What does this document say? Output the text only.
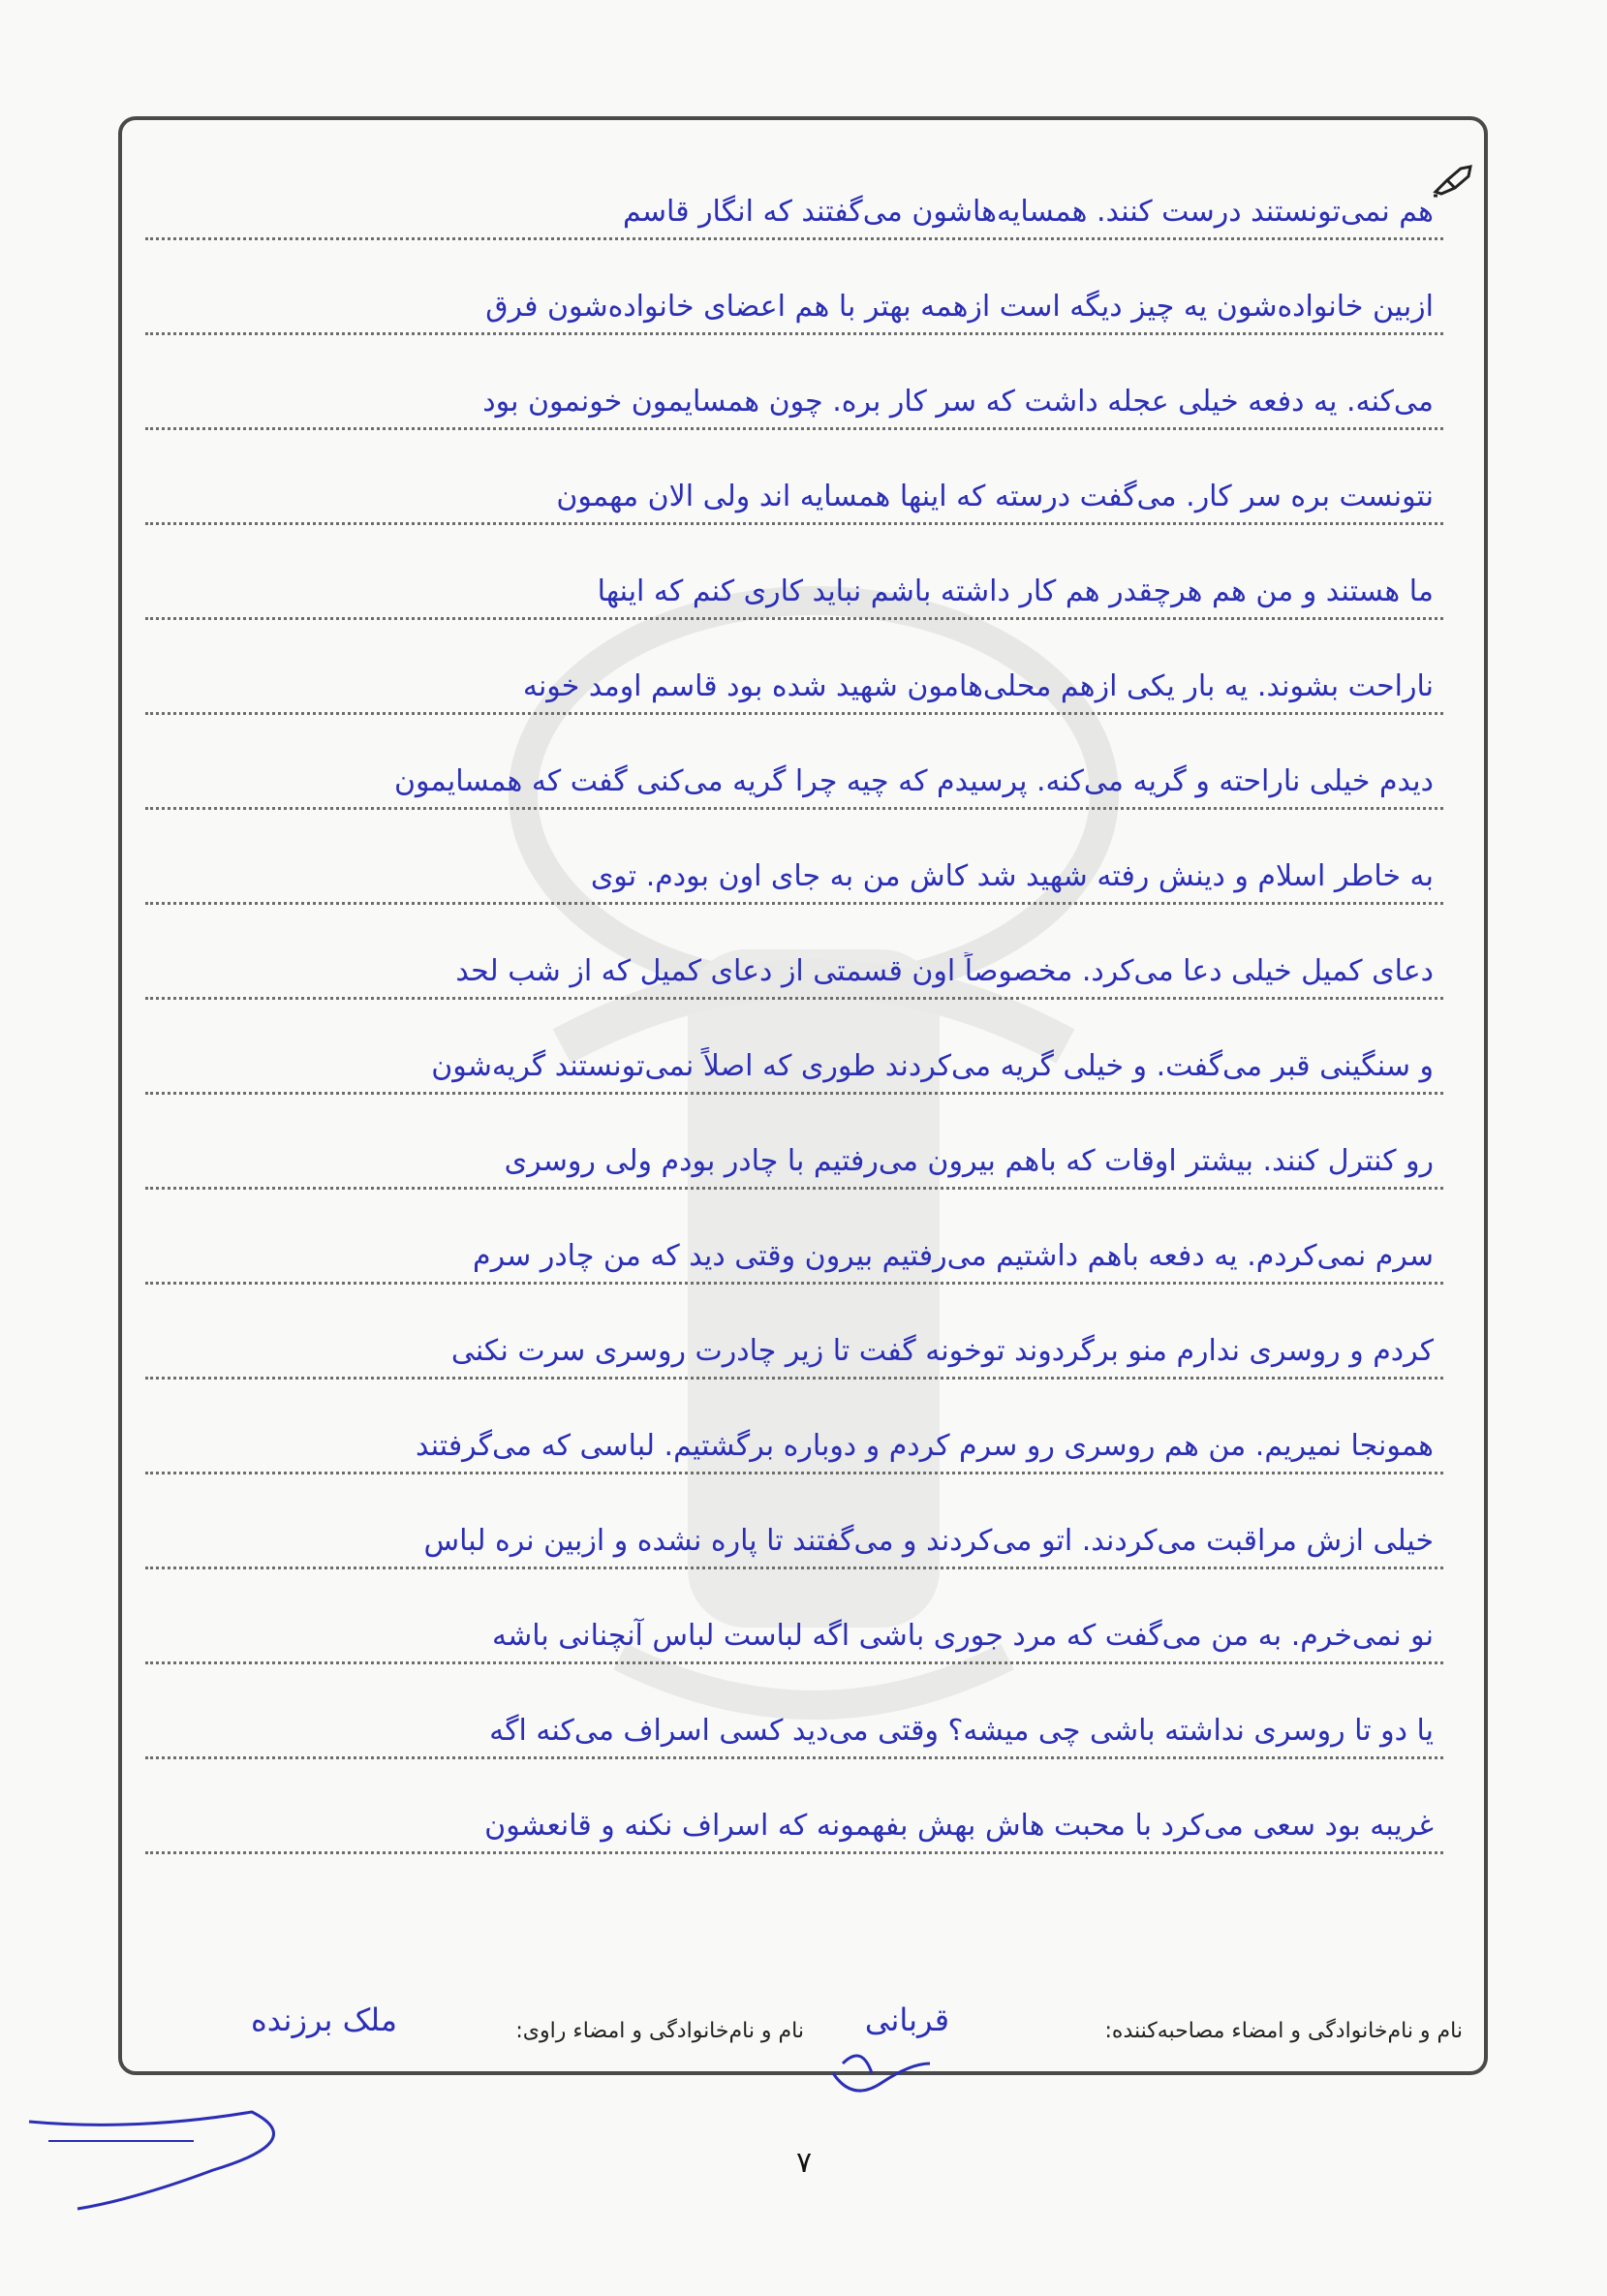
هم نمی‌تونستند درست کنند. همسایه‌هاشون می‌گفتند که انگار قاسم
ازبین خانواده‌شون یه چیز دیگه است ازهمه بهتر با هم اعضای خانواده‌شون فرق
می‌کنه. یه دفعه خیلی عجله داشت که سر کار بره. چون همسایمون خونمون بود
نتونست بره سر کار. می‌گفت درسته که اینها همسایه اند ولی الان مهمون
ما هستند و من هم هرچقدر هم کار داشته باشم نباید کاری کنم که اینها
ناراحت بشوند. یه بار یکی ازهم محلی‌هامون شهید شده بود قاسم اومد خونه
دیدم خیلی ناراحته و گریه می‌کنه. پرسیدم که چیه چرا گریه می‌کنی گفت که همسایمون
به خاطر اسلام و دینش رفته شهید شد کاش من به جای اون بودم. توی
دعای کمیل خیلی دعا می‌کرد. مخصوصاً اون قسمتی از دعای کمیل که از شب لحد
و سنگینی قبر می‌گفت. و خیلی گریه می‌کردند طوری که اصلاً نمی‌تونستند گریه‌شون
رو کنترل کنند. بیشتر اوقات که باهم بیرون می‌رفتیم با چادر بودم ولی روسری
سرم نمی‌کردم. یه دفعه باهم داشتیم می‌رفتیم بیرون وقتی دید که من چادر سرم
کردم و روسری ندارم منو برگردوند توخونه گفت تا زیر چادرت روسری سرت نکنی
همونجا نمیریم. من هم روسری رو سرم کردم و دوباره برگشتیم. لباسی که می‌گرفتند
خیلی ازش مراقبت می‌کردند. اتو می‌کردند و می‌گفتند تا پاره نشده و ازبین نره لباس
نو نمی‌خرم. به من می‌گفت که مرد جوری باشی اگه لباست لباس آنچنانی باشه
یا دو تا روسری نداشته باشی چی میشه؟ وقتی می‌دید کسی اسراف می‌کنه اگه
غریبه بود سعی می‌کرد با محبت هاش بهش بفهمونه که اسراف نکنه و قانعشون
نام و نام‌خانوادگی و امضاء مصاحبه‌کننده:
قربانی
نام و نام‌خانوادگی و امضاء راوی:
ملک برزنده
۷
